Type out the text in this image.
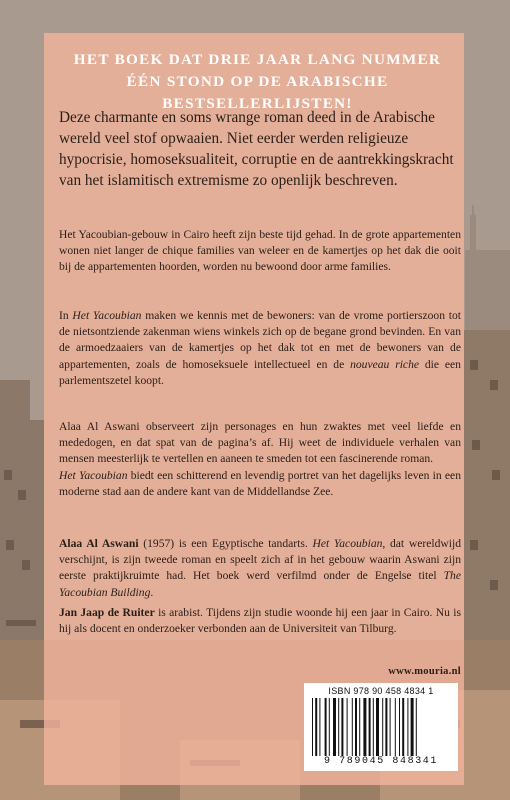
HET BOEK DAT DRIE JAAR LANG NUMMER ÉÉN STOND OP DE ARABISCHE BESTSELLERLIJSTEN!
Deze charmante en soms wrange roman deed in de Arabische wereld veel stof opwaaien. Niet eerder werden religieuze hypocrisie, homoseksualiteit, corruptie en de aantrekkingskracht van het islamitisch extremisme zo openlijk beschreven.
Het Yacoubian-gebouw in Cairo heeft zijn beste tijd gehad. In de grote appartementen wonen niet langer de chique families van weleer en de kamertjes op het dak die ooit bij de appartementen hoorden, worden nu bewoond door arme families.
In Het Yacoubian maken we kennis met de bewoners: van de vrome portierszoon tot de nietsontziende zakenman wiens winkels zich op de begane grond bevinden. En van de armoedzaaiers van de kamertjes op het dak tot en met de bewoners van de appartementen, zoals de homoseksuele intellectueel en de nouveau riche die een parlementszetel koopt.
Alaa Al Aswani observeert zijn personages en hun zwaktes met veel liefde en mededogen, en dat spat van de pagina’s af. Hij weet de individuele verhalen van mensen meesterlijk te vertellen en aaneen te smeden tot een fascinerende roman.
Het Yacoubian biedt een schitterend en levendig portret van het dagelijks leven in een moderne stad aan de andere kant van de Middellandse Zee.
Alaa Al Aswani (1957) is een Egyptische tandarts. Het Yacoubian, dat wereldwijd verschijnt, is zijn tweede roman en speelt zich af in het gebouw waarin Aswani zijn eerste praktijkruimte had. Het boek werd verfilmd onder de Engelse titel The Yacoubian Building.
Jan Jaap de Ruiter is arabist. Tijdens zijn studie woonde hij een jaar in Cairo. Nu is hij als docent en onderzoeker verbonden aan de Universiteit van Tilburg.
www.mouria.nl
ISBN 978 90 458 4834 1
9 789045 848341
